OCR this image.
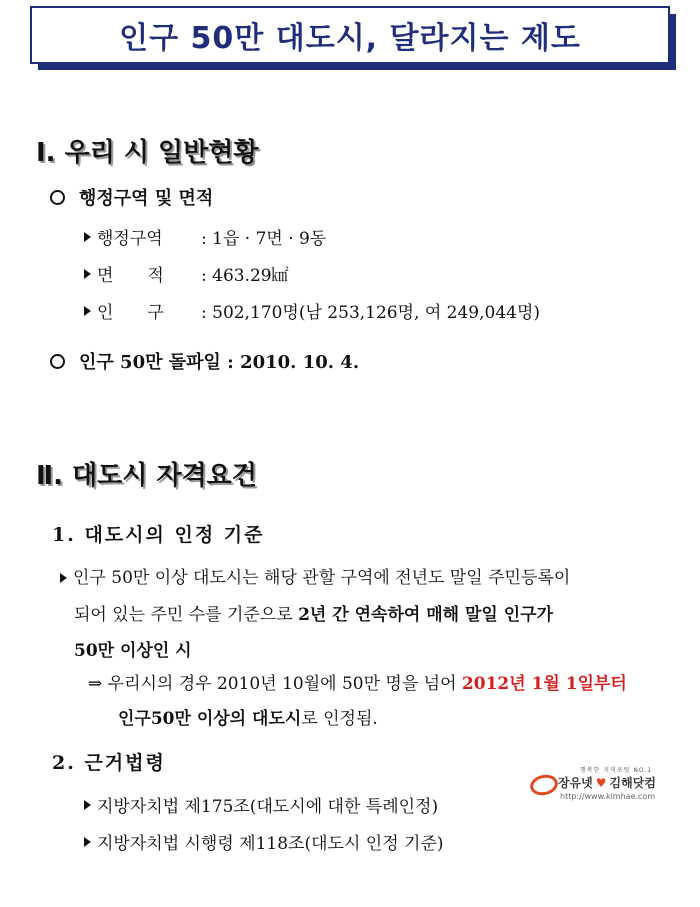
인구 50만 대도시, 달라지는 제도
Ⅰ. 우리 시 일반현황
행정구역 및 면적
행정구역	: 1읍 · 7면 · 9동
면　　적	: 463.29㎢
인　　구	: 502,170명(남 253,126명, 여 249,044명)
인구 50만 돌파일 : 2010. 10. 4.
Ⅱ. 대도시 자격요건
1. 대도시의 인정 기준
인구 50만 이상 대도시는 해당 관할 구역에 전년도 말일 주민등록이
되어 있는 주민 수를 기준으로 2년 간 연속하여 매해 말일 인구가
50만 이상인 시
⇒ 우리시의 경우 2010년 10월에 50만 명을 넘어 2012년 1월 1일부터
인구50만 이상의 대도시로 인정됨.
2. 근거법령
지방자치법 제175조(대도시에 대한 특례인정)
지방자치법 시행령 제118조(대도시 인정 기준)
행복한 지역포털 NO.1
장유넷 ♥ 김해닷컴
http://www.kimhae.com
